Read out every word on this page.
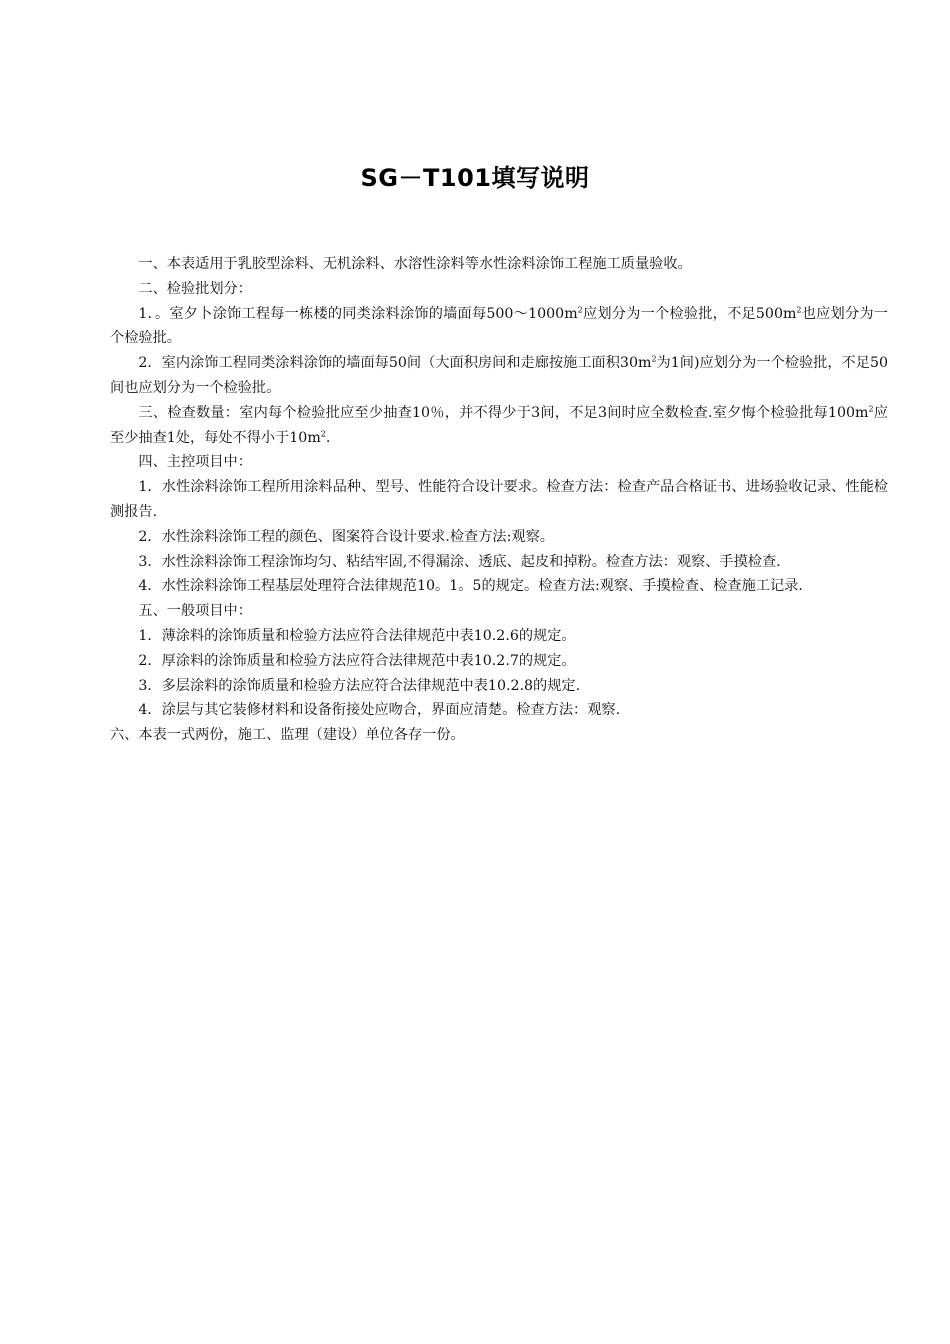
SG－T101填写说明

一、本表适用于乳胶型涂料、无机涂料、水溶性涂料等水性涂料涂饰工程施工质量验收。

二、检验批划分：

1．。室夕卜涂饰工程每一栋楼的同类涂料涂饰的墙面每$500\sim 1000m^2$应划分为一个检验批，不足$500m^2$也应划分为一个检验批。

2．室内涂饰工程同类涂料涂饰的墙面每50间（大面积房间和走廊按施工面积$30m^2$为1间)应划分为一个检验批，不足50间也应划分为一个检验批。

三、检查数量：室内每个检验批应至少抽查10％，并不得少于3间，不足3间时应全数检查.室夕悔个检验批每$100m^2$应至少抽查1处，每处不得小于$10m^2$.

四、主控项目中：

1．水性涂料涂饰工程所用涂料品种、型号、性能符合设计要求。检查方法：检查产品合格证书、进场验收记录、性能检测报告.

2．水性涂料涂饰工程的颜色、图案符合设计要求.检查方法:观察。

3．水性涂料涂饰工程涂饰均匀、粘结牢固,不得漏涂、透底、起皮和掉粉。检查方法：观察、手摸检查.

4．水性涂料涂饰工程基层处理符合法律规范10。1。5的规定。检查方法:观察、手摸检查、检查施工记录.

五、一般项目中：

1．薄涂料的涂饰质量和检验方法应符合法律规范中表10.2.6的规定。

2．厚涂料的涂饰质量和检验方法应符合法律规范中表10.2.7的规定。

3．多层涂料的涂饰质量和检验方法应符合法律规范中表10.2.8的规定.

4．涂层与其它装修材料和设备衔接处应吻合，界面应清楚。检查方法：观察.

六、本表一式两份，施工、监理（建设）单位各存一份。
